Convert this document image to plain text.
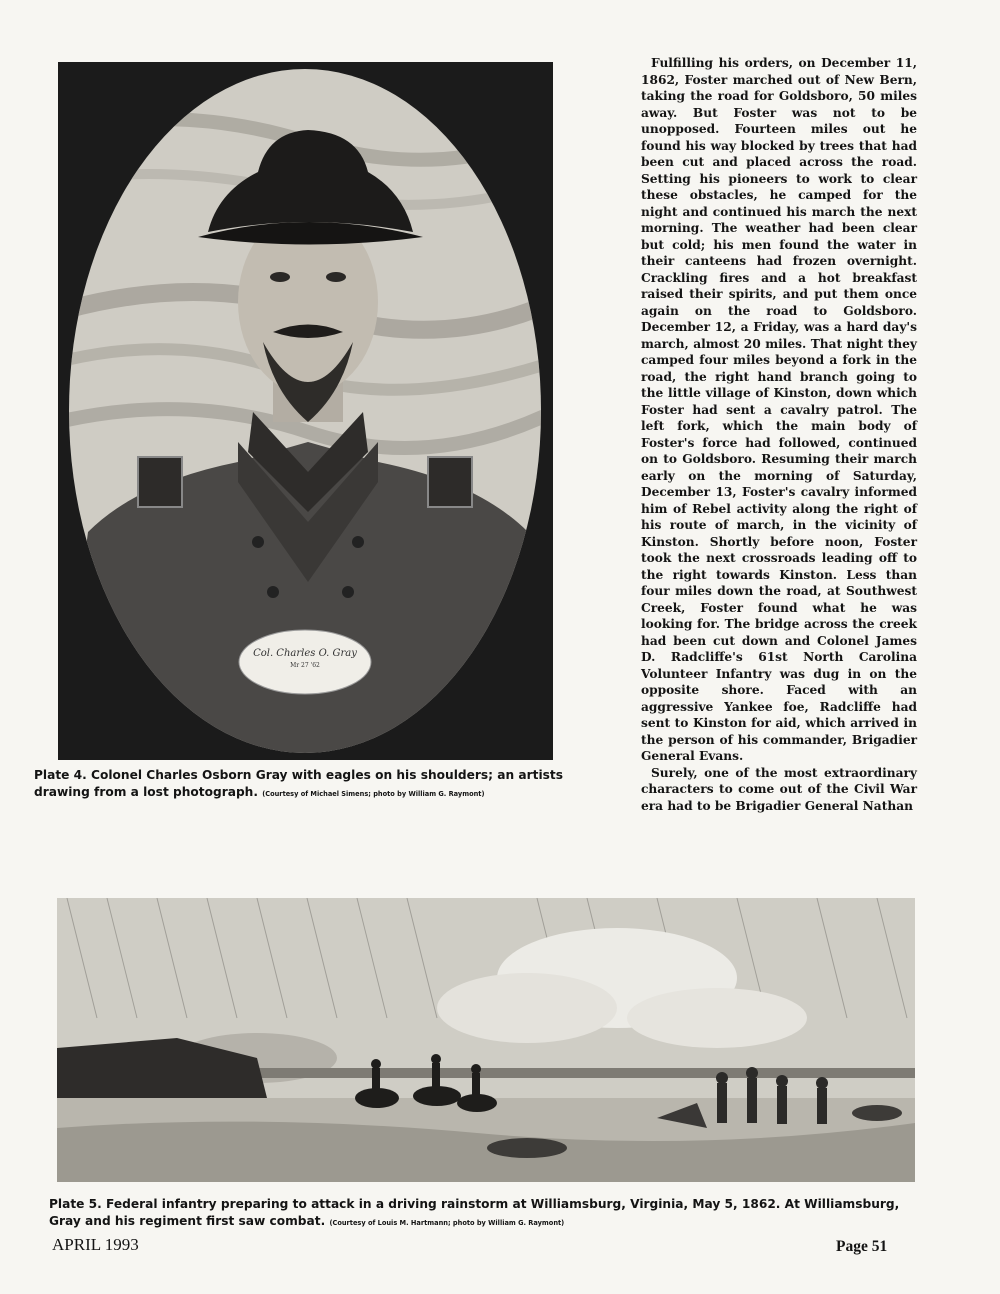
Col. Charles O. Gray
Mr 27 '62

Plate 4. Colonel Charles Osborn Gray with eagles on his shoulders; an artists drawing from a lost photograph. (Courtesy of Michael Simens; photo by William G. Raymont)

Fulfilling his orders, on December 11, 1862, Foster marched out of New Bern, taking the road for Goldsboro, 50 miles away. But Foster was not to be unopposed. Fourteen miles out he found his way blocked by trees that had been cut and placed across the road. Setting his pioneers to work to clear these obstacles, he camped for the night and continued his march the next morning. The weather had been clear but cold; his men found the water in their canteens had frozen overnight. Crackling fires and a hot breakfast raised their spirits, and put them once again on the road to Goldsboro. December 12, a Friday, was a hard day's march, almost 20 miles. That night they camped four miles beyond a fork in the road, the right hand branch going to the little village of Kinston, down which Foster had sent a cavalry patrol. The left fork, which the main body of Foster's force had followed, continued on to Goldsboro. Resuming their march early on the morning of Saturday, December 13, Foster's cavalry informed him of Rebel activity along the right of his route of march, in the vicinity of Kinston. Shortly before noon, Foster took the next crossroads leading off to the right towards Kinston. Less than four miles down the road, at Southwest Creek, Foster found what he was looking for. The bridge across the creek had been cut down and Colonel James D. Radcliffe's 61st North Carolina Volunteer Infantry was dug in on the opposite shore. Faced with an aggressive Yankee foe, Radcliffe had sent to Kinston for aid, which arrived in the person of his commander, Brigadier General Evans.

Surely, one of the most extraordinary characters to come out of the Civil War era had to be Brigadier General Nathan

Plate 5. Federal infantry preparing to attack in a driving rainstorm at Williamsburg, Virginia, May 5, 1862. At Williamsburg, Gray and his regiment first saw combat. (Courtesy of Louis M. Hartmann; photo by William G. Raymont)

APRIL 1993	Page 51
